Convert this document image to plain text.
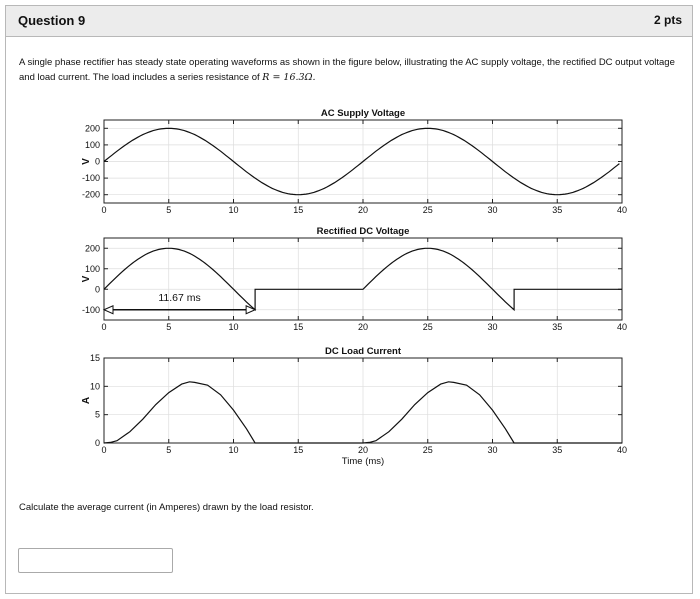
Question 9	2 pts
A single phase rectifier has steady state operating waveforms as shown in the figure below, illustrating the AC supply voltage, the rectified DC output voltage and load current. The load includes a series resistance of R = 16.3Ω.
Calculate the average current (in Amperes) drawn by the load resistor.
0	5	10	15	20	25	30	35	40
200
100
0
-100
-200
AC Supply Voltage
V
0	5	10	15	20	25	30	35	40
200
100
0
-100
Rectified DC Voltage
V
11.67 ms
0	5	10	15	20	25	30	35	40
15
10
5
0
DC Load Current
A
Time (ms)
